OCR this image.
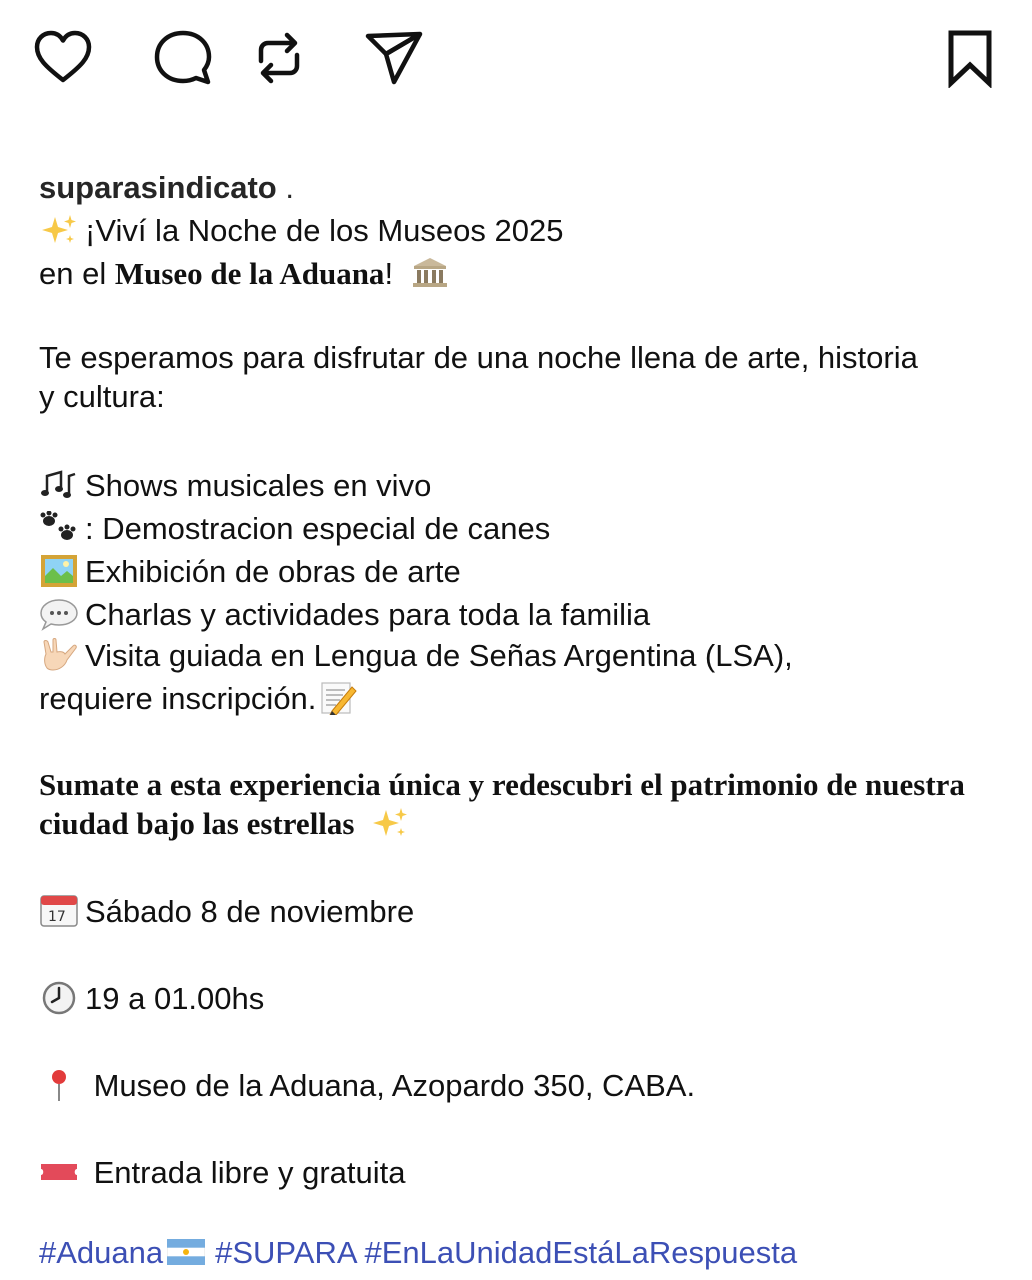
suparasindicato .
¡Viví la Noche de los Museos 2025
en el Museo de la Aduana!
Te esperamos para disfrutar de una noche llena de arte, historia y cultura:
Shows musicales en vivo
: Demostracion especial de canes
Exhibición de obras de arte
Charlas y actividades para toda la familia
Visita guiada en Lengua de Señas Argentina (LSA),
requiere inscripción.
Sumate a esta experiencia única y redescubri el patrimonio de nuestra ciudad bajo las estrellas
17 Sábado 8 de noviembre
19 a 01.00hs
Museo de la Aduana, Azopardo 350, CABA.
Entrada libre y gratuita
#Aduana #SUPARA #EnLaUnidadEstáLaRespuesta
